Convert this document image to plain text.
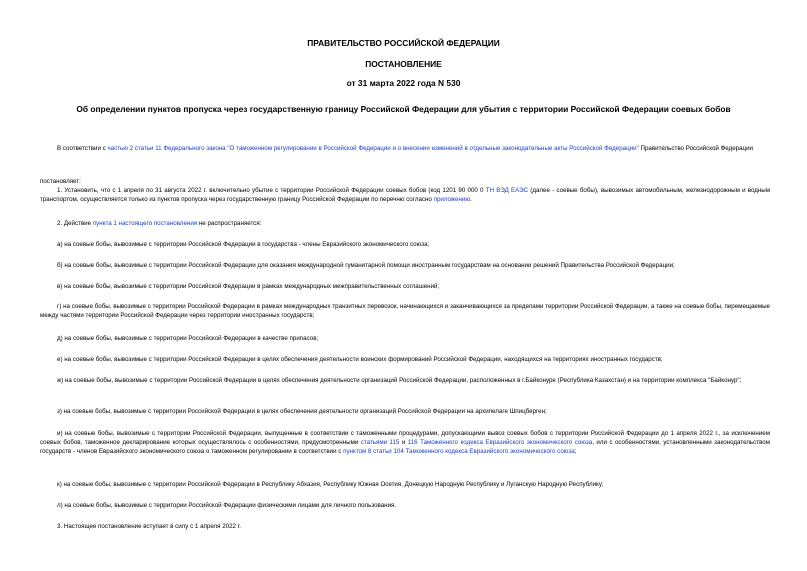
ПРАВИТЕЛЬСТВО РОССИЙСКОЙ ФЕДЕРАЦИИ
ПОСТАНОВЛЕНИЕ
от 31 марта 2022 года N 530
Об определении пунктов пропуска через государственную границу Российской Федерации для убытия с территории Российской Федерации соевых бобов
В соответствии с частью 2 статьи 11 Федерального закона "О таможенном регулировании в Российской Федерации и о внесении изменений в отдельные законодательные акты Российской Федерации" Правительство Российской Федерации
постановляет:
1. Установить, что с 1 апреля по 31 августа 2022 г. включительно убытие с территории Российской Федерации соевых бобов (код 1201 90 000 0 ТН ВЭД ЕАЭС (далее - соевые бобы), вывозимых автомобильным, железнодорожным и водным транспортом, осуществляется только из пунктов пропуска через государственную границу Российской Федерации по перечню согласно приложению.
2. Действие пункта 1 настоящего постановления не распространяется:
а) на соевые бобы, вывозимые с территории Российской Федерации в государства - члены Евразийского экономического союза;
б) на соевые бобы, вывозимые с территории Российской Федерации для оказания международной гуманитарной помощи иностранным государствам на основании решений Правительства Российской Федерации;
в) на соевые бобы, вывозимые с территории Российской Федерации в рамках международных межправительственных соглашений;
г) на соевые бобы, вывозимые с территории Российской Федерации в рамках международных транзитных перевозок, начинающихся и заканчивающихся за пределами территории Российской Федерации, а также на соевые бобы, перемещаемые между частями территории Российской Федерации через территории иностранных государств;
д) на соевые бобы, вывозимые с территории Российской Федерации в качестве припасов;
е) на соевые бобы, вывозимые с территории Российской Федерации в целях обеспечения деятельности воинских формирований Российской Федерации, находящихся на территориях иностранных государств;
ж) на соевые бобы, вывозимые с территории Российской Федерации в целях обеспечения деятельности организаций Российской Федерации, расположенных в г.Байконуре (Республика Казахстан) и на территории комплекса "Байконур";
з) на соевые бобы, вывозимые с территории Российской Федерации в целях обеспечения деятельности организаций Российской Федерации на архипелаге Шпицберген;
и) на соевые бобы, вывозимые с территории Российской Федерации, выпущенные в соответствии с таможенными процедурами, допускающими вывоз соевых бобов с территории Российской Федерации до 1 апреля 2022 г., за исключением соевых бобов, таможенное декларирование которых осуществлялось с особенностями, предусмотренными статьями 115 и 116 Таможенного кодекса Евразийского экономического союза, или с особенностями, установленными законодательством государств - членов Евразийского экономического союза о таможенном регулировании в соответствии с пунктом 8 статьи 104 Таможенного кодекса Евразийского экономического союза;
к) на соевые бобы, вывозимые с территории Российской Федерации в Республику Абхазия, Республику Южная Осетия, Донецкую Народную Республику и Луганскую Народную Республику;
л) на соевые бобы, вывозимые с территории Российской Федерации физическими лицами для личного пользования.
3. Настоящее постановление вступает в силу с 1 апреля 2022 г.
